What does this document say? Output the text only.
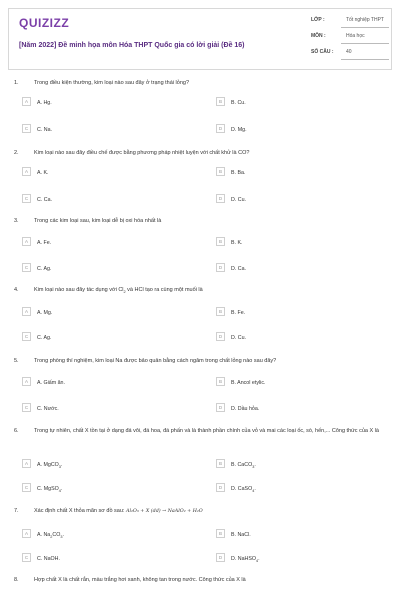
QUIZIZZ
[Năm 2022] Đề minh họa môn Hóa THPT Quốc gia có lời giải (Đề 16)
LỚP :	Tốt nghiệp THPT
MÔN :	Hóa học
SỐ CÂU :	40
1.	Trong điều kiện thường, kim loại nào sau đây ở trạng thái lỏng?
2.	Kim loại nào sau đây điều chế được bằng phương pháp nhiệt luyện với chất khử là CO?
3.	Trong các kim loại sau, kim loại dễ bị oxi hóa nhất là
4.	Kim loại nào sau đây tác dụng với $Cl_2$ và HCl tạo ra cùng một muối là
5.	Trong phòng thí nghiệm, kim loại Na được bảo quản bằng cách ngâm trong chất lỏng nào sau đây?
6.	Trong tự nhiên, chất X tồn tại ở dạng đá vôi, đá hoa, đá phấn và là thành phần chính của vỏ và mai các loại ốc, sò, hến,... Công thức của X là
7.	Xác định chất X thỏa mãn sơ đồ sau: Al₂O₃ + X (dd) → NaAlO₂ + H₂O
8.	Hợp chất X là chất rắn, màu trắng hơi xanh, không tan trong nước. Công thức của X là
A	A. Hg.	B	B. Cu.
C	C. Na.	D	D. Mg.
A	A. K.	B	B. Ba.
C	C. Ca.	D	D. Cu.
A	A. Fe.	B	B. K.
C	C. Ag.	D	D. Ca.
A	A. Mg.	B	B. Fe.
C	C. Ag.	D	D. Cu.
A	A. Giấm ăn.	B	B. Ancol etylic.
C	C. Nước.	D	D. Dầu hỏa.
A	A. MgCO$_3$.	B	B. CaCO$_3$.
C	C. MgSO$_4$.	D	D. CaSO$_4$.
A	A. $Na_2CO_3$.	B	B. NaCl.
C	C. NaOH.	D	D. NaHSO$_4$.
